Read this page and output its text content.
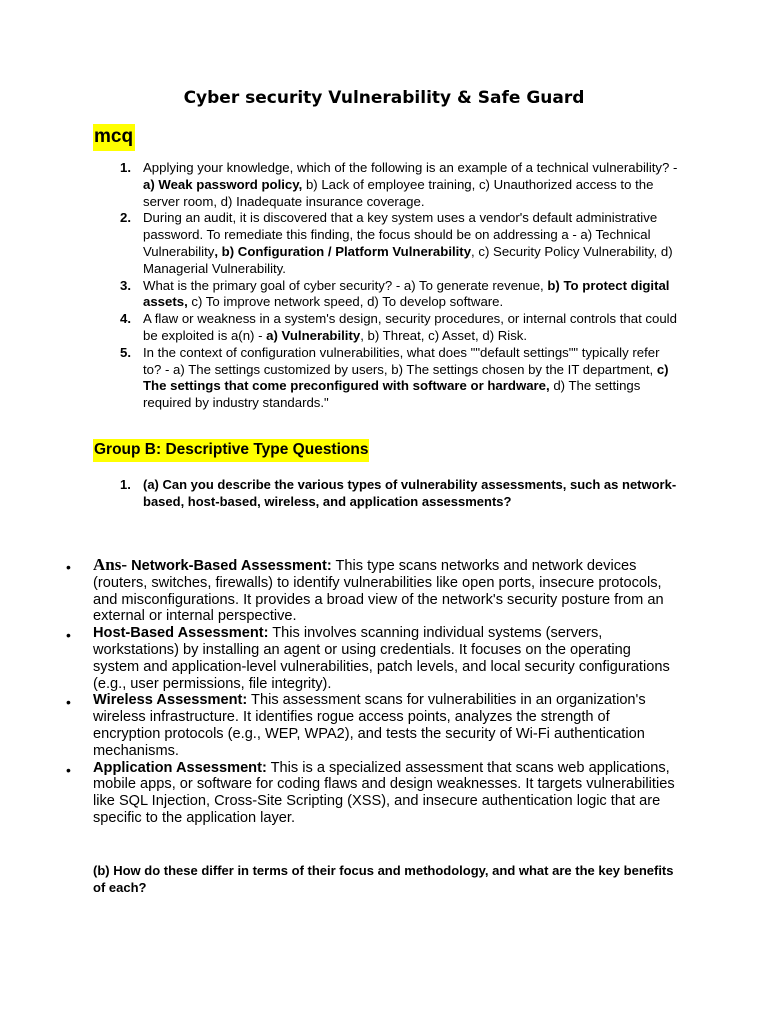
Cyber security Vulnerability & Safe Guard
mcq
1. Applying your knowledge, which of the following is an example of a technical vulnerability? - a) Weak password policy, b) Lack of employee training, c) Unauthorized access to the server room, d) Inadequate insurance coverage.
2. During an audit, it is discovered that a key system uses a vendor's default administrative password. To remediate this finding, the focus should be on addressing a - a) Technical Vulnerability, b) Configuration / Platform Vulnerability, c) Security Policy Vulnerability, d) Managerial Vulnerability.
3. What is the primary goal of cyber security? - a) To generate revenue, b) To protect digital assets, c) To improve network speed, d) To develop software.
4. A flaw or weakness in a system's design, security procedures, or internal controls that could be exploited is a(n) - a) Vulnerability, b) Threat, c) Asset, d) Risk.
5. In the context of configuration vulnerabilities, what does ""default settings"" typically refer to? - a) The settings customized by users, b) The settings chosen by the IT department, c) The settings that come preconfigured with software or hardware, d) The settings required by industry standards."
Group B: Descriptive Type Questions
1. (a) Can you describe the various types of vulnerability assessments, such as network-based, host-based, wireless, and application assessments?
• Ans- Network-Based Assessment: This type scans networks and network devices (routers, switches, firewalls) to identify vulnerabilities like open ports, insecure protocols, and misconfigurations. It provides a broad view of the network's security posture from an external or internal perspective.
• Host-Based Assessment: This involves scanning individual systems (servers, workstations) by installing an agent or using credentials. It focuses on the operating system and application-level vulnerabilities, patch levels, and local security configurations (e.g., user permissions, file integrity).
• Wireless Assessment: This assessment scans for vulnerabilities in an organization's wireless infrastructure. It identifies rogue access points, analyzes the strength of encryption protocols (e.g., WEP, WPA2), and tests the security of Wi-Fi authentication mechanisms.
• Application Assessment: This is a specialized assessment that scans web applications, mobile apps, or software for coding flaws and design weaknesses. It targets vulnerabilities like SQL Injection, Cross-Site Scripting (XSS), and insecure authentication logic that are specific to the application layer.
(b) How do these differ in terms of their focus and methodology, and what are the key benefits of each?
